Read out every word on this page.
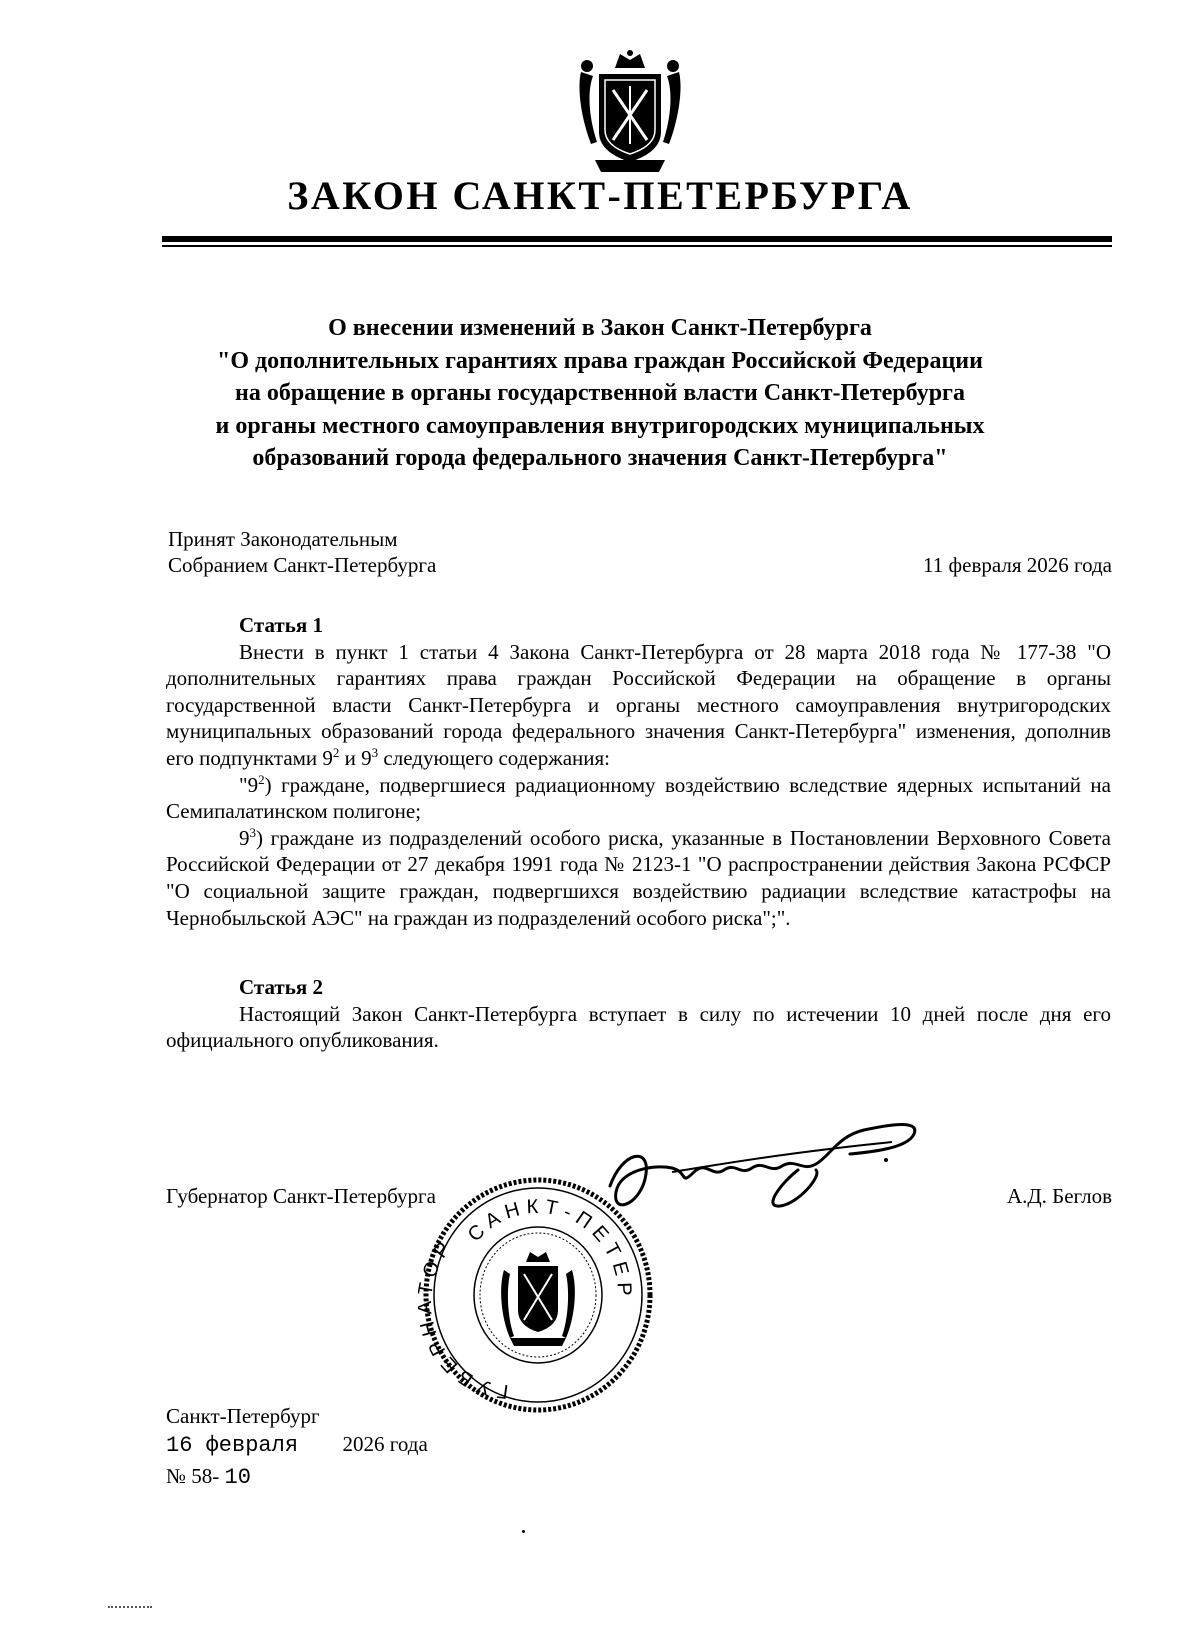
ЗАКОН САНКТ-ПЕТЕРБУРГА
О внесении изменений в Закон Санкт-Петербурга
"О дополнительных гарантиях права граждан Российской Федерации
на обращение в органы государственной власти Санкт-Петербурга
и органы местного самоуправления внутригородских муниципальных
образований города федерального значения Санкт-Петербурга"
Принят Законодательным
Собранием Санкт-Петербурга	11 февраля 2026 года
Статья 1
Внести в пункт 1 статьи 4 Закона Санкт-Петербурга от 28 марта 2018 года № 177-38 "О дополнительных гарантиях права граждан Российской Федерации на обращение в органы государственной власти Санкт-Петербурга и органы местного самоуправления внутригородских муниципальных образований города федерального значения Санкт-Петербурга" изменения, дополнив его подпунктами $9^2$ и $9^3$ следующего содержания:
"$9^2$) граждане, подвергшиеся радиационному воздействию вследствие ядерных испытаний на Семипалатинском полигоне;
$9^3$) граждане из подразделений особого риска, указанные в Постановлении Верховного Совета Российской Федерации от 27 декабря 1991 года № 2123-1 "О распространении действия Закона РСФСР "О социальной защите граждан, подвергшихся воздействию радиации вследствие катастрофы на Чернобыльской АЭС" на граждан из подразделений особого риска";".
Статья 2
Настоящий Закон Санкт-Петербурга вступает в силу по истечении 10 дней после дня его официального опубликования.
Губернатор Санкт-Петербурга
САНКТ-ПЕТЕР
ГУБЕР ОР
А.Д. Беглов
Санкт-Петербург
16 февраля 2026 года
№ 58- 10
